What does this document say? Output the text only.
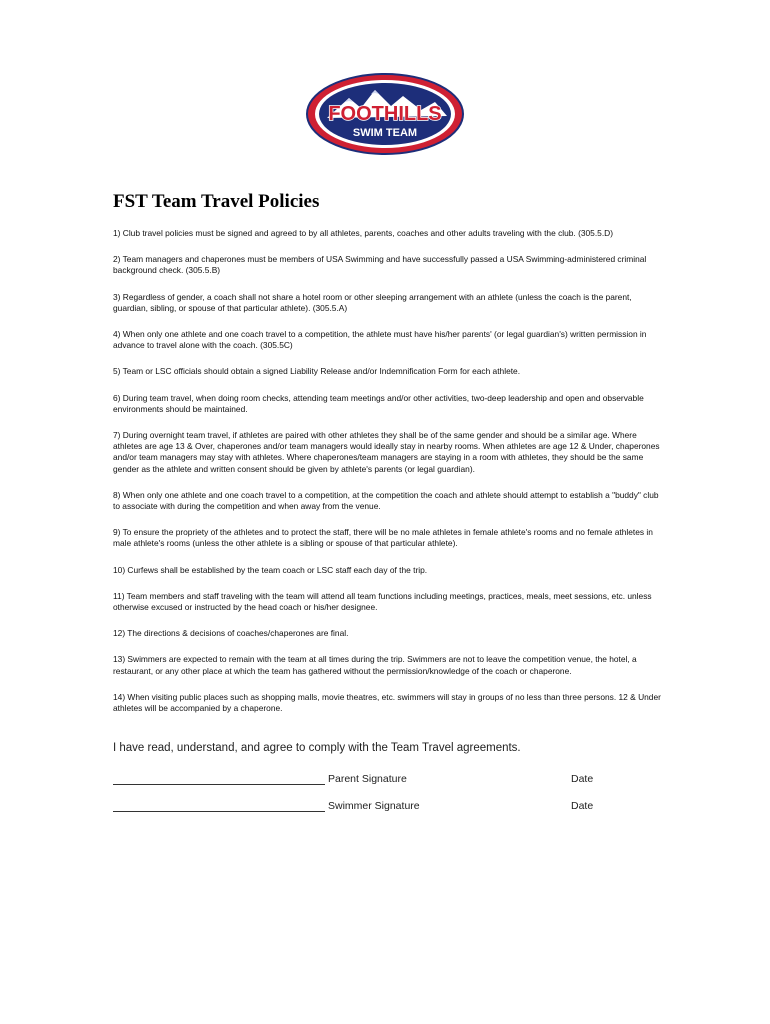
FOOTHILLS
SWIM TEAM
FST Team Travel Policies
1) Club travel policies must be signed and agreed to by all athletes, parents, coaches and other adults traveling with the club. (305.5.D)
2) Team managers and chaperones must be members of USA Swimming and have successfully passed a USA Swimming-administered criminal background check. (305.5.B)
3) Regardless of gender, a coach shall not share a hotel room or other sleeping arrangement with an athlete (unless the coach is the parent, guardian, sibling, or spouse of that particular athlete). (305.5.A)
4) When only one athlete and one coach travel to a competition, the athlete must have his/her parents' (or legal guardian's) written permission in advance to travel alone with the coach. (305.5C)
5) Team or LSC officials should obtain a signed Liability Release and/or Indemnification Form for each athlete.
6) During team travel, when doing room checks, attending team meetings and/or other activities, two-deep leadership and open and observable environments should be maintained.
7) During overnight team travel, if athletes are paired with other athletes they shall be of the same gender and should be a similar age. Where athletes are age 13 & Over, chaperones and/or team managers would ideally stay in nearby rooms. When athletes are age 12 & Under, chaperones and/or team managers may stay with athletes. Where chaperones/team managers are staying in a room with athletes, they should be the same gender as the athlete and written consent should be given by athlete's parents (or legal guardian).
8) When only one athlete and one coach travel to a competition, at the competition the coach and athlete should attempt to establish a "buddy" club to associate with during the competition and when away from the venue.
9) To ensure the propriety of the athletes and to protect the staff, there will be no male athletes in female athlete's rooms and no female athletes in male athlete's rooms (unless the other athlete is a sibling or spouse of that particular athlete).
10) Curfews shall be established by the team coach or LSC staff each day of the trip.
11) Team members and staff traveling with the team will attend all team functions including meetings, practices, meals, meet sessions, etc. unless otherwise excused or instructed by the head coach or his/her designee.
12) The directions & decisions of coaches/chaperones are final.
13) Swimmers are expected to remain with the team at all times during the trip. Swimmers are not to leave the competition venue, the hotel, a restaurant, or any other place at which the team has gathered without the permission/knowledge of the coach or chaperone.
14) When visiting public places such as shopping malls, movie theatres, etc. swimmers will stay in groups of no less than three persons. 12 & Under athletes will be accompanied by a chaperone.
I have read, understand, and agree to comply with the Team Travel agreements.
Parent Signature	Date
Swimmer Signature	Date
